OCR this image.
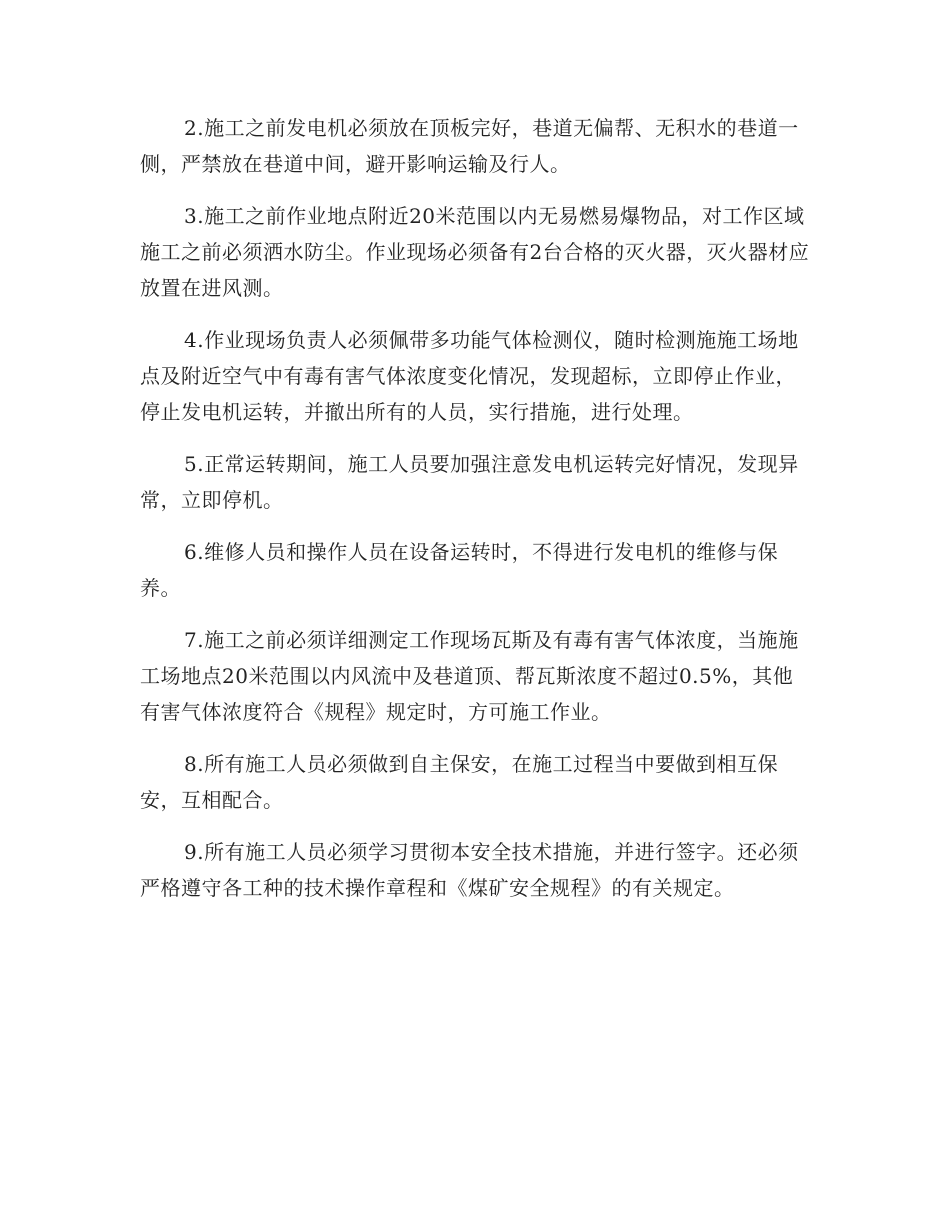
2.施工之前发电机必须放在顶板完好，巷道无偏帮、无积水的巷道一侧，严禁放在巷道中间，避开影响运输及行人。

3.施工之前作业地点附近20米范围以内无易燃易爆物品，对工作区域施工之前必须洒水防尘。作业现场必须备有2台合格的灭火器，灭火器材应放置在进风测。

4.作业现场负责人必须佩带多功能气体检测仪，随时检测施施工场地点及附近空气中有毒有害气体浓度变化情况，发现超标，立即停止作业，停止发电机运转，并撤出所有的人员，实行措施，进行处理。

5.正常运转期间，施工人员要加强注意发电机运转完好情况，发现异常，立即停机。

6.维修人员和操作人员在设备运转时，不得进行发电机的维修与保养。

7.施工之前必须详细测定工作现场瓦斯及有毒有害气体浓度，当施施工场地点20米范围以内风流中及巷道顶、帮瓦斯浓度不超过0.5%，其他有害气体浓度符合《规程》规定时，方可施工作业。

8.所有施工人员必须做到自主保安，在施工过程当中要做到相互保安，互相配合。

9.所有施工人员必须学习贯彻本安全技术措施，并进行签字。还必须严格遵守各工种的技术操作章程和《煤矿安全规程》的有关规定。
